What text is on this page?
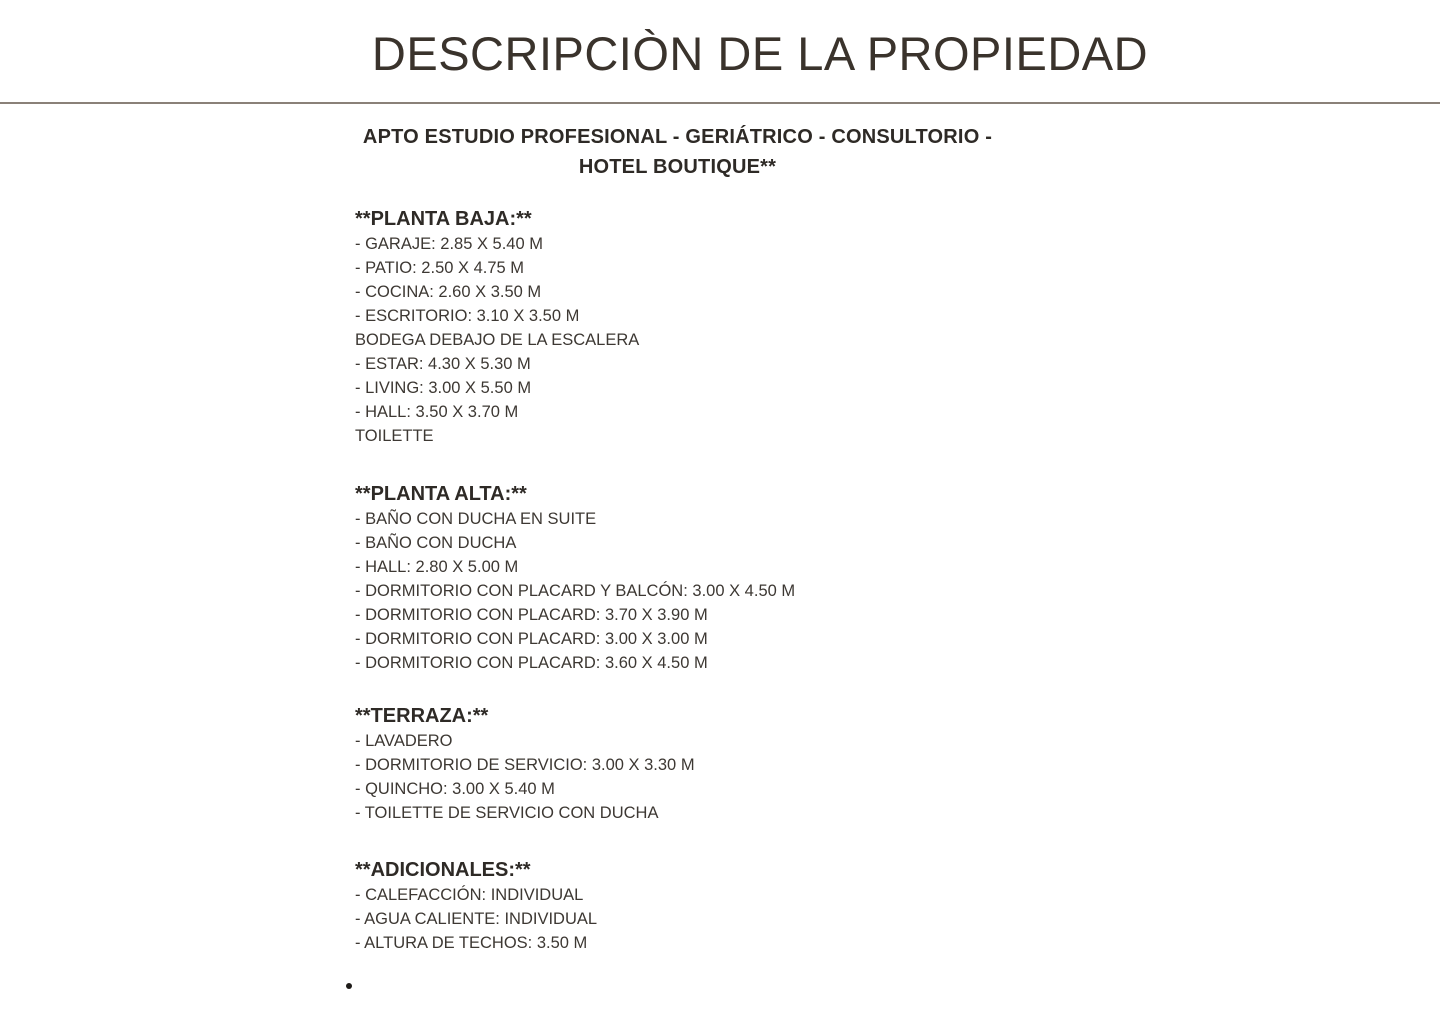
DESCRIPCIÒN DE LA PROPIEDAD

APTO ESTUDIO PROFESIONAL - GERIÁTRICO - CONSULTORIO -

HOTEL BOUTIQUE**

**PLANTA BAJA:**

- GARAJE: 2.85 X 5.40 M

- PATIO: 2.50 X 4.75 M

- COCINA: 2.60 X 3.50 M

- ESCRITORIO: 3.10 X 3.50 M

BODEGA DEBAJO DE LA ESCALERA

- ESTAR: 4.30 X 5.30 M

- LIVING: 3.00 X 5.50 M

- HALL: 3.50 X 3.70 M

TOILETTE

**PLANTA ALTA:**

- BAÑO CON DUCHA EN SUITE

- BAÑO CON DUCHA

- HALL: 2.80 X 5.00 M

- DORMITORIO CON PLACARD Y BALCÓN: 3.00 X 4.50 M

- DORMITORIO CON PLACARD: 3.70 X 3.90 M

- DORMITORIO CON PLACARD: 3.00 X 3.00 M

- DORMITORIO CON PLACARD: 3.60 X 4.50 M

**TERRAZA:**

- LAVADERO

- DORMITORIO DE SERVICIO: 3.00 X 3.30 M

- QUINCHO: 3.00 X 5.40 M

- TOILETTE DE SERVICIO CON DUCHA

**ADICIONALES:**

- CALEFACCIÓN: INDIVIDUAL

- AGUA CALIENTE: INDIVIDUAL

- ALTURA DE TECHOS: 3.50 M
